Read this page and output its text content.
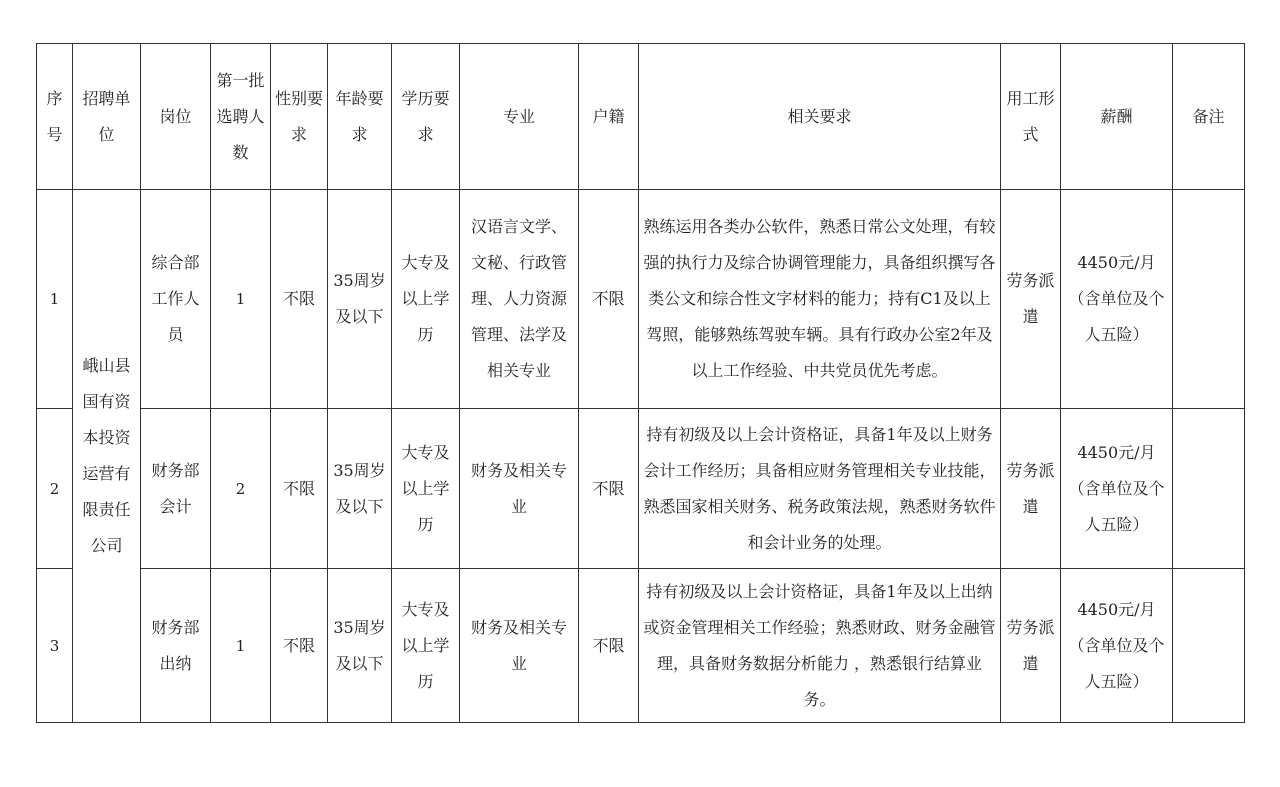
序号	招聘单位	岗位	第一批选聘人数	性别要求	年龄要求	学历要求	专业	户籍	相关要求	用工形式	薪酬	备注
1	峨山县国有资本投资运营有限责任公司	综合部工作人员	1	不限	35周岁及以下	大专及以上学历	汉语言文学、文秘、行政管理、人力资源管理、法学及相关专业	不限	熟练运用各类办公软件，熟悉日常公文处理，有较强的执行力及综合协调管理能力，具备组织撰写各类公文和综合性文字材料的能力；持有C1及以上驾照，能够熟练驾驶车辆。具有行政办公室2年及以上工作经验、中共党员优先考虑。	劳务派遣	4450元/月（含单位及个人五险）	
2		财务部会计	2	不限	35周岁及以下	大专及以上学历	财务及相关专业	不限	持有初级及以上会计资格证，具备1年及以上财务会计工作经历；具备相应财务管理相关专业技能，熟悉国家相关财务、税务政策法规，熟悉财务软件和会计业务的处理。	劳务派遣	4450元/月（含单位及个人五险）	
3		财务部出纳	1	不限	35周岁及以下	大专及以上学历	财务及相关专业	不限	持有初级及以上会计资格证，具备1年及以上出纳或资金管理相关工作经验；熟悉财政、财务金融管理，具备财务数据分析能力 ，熟悉银行结算业务。	劳务派遣	4450元/月（含单位及个人五险）	
